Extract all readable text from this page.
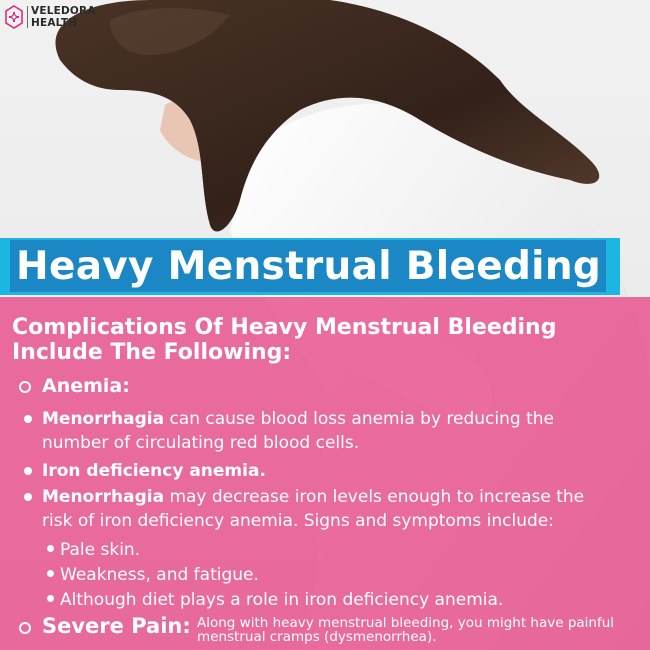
VELEDORA
HEALTH
Heavy Menstrual Bleeding
Complications Of Heavy Menstrual Bleeding
Include The Following:
Anemia:
Menorrhagia can cause blood loss anemia by reducing the
number of circulating red blood cells.
Iron deficiency anemia.
Menorrhagia may decrease iron levels enough to increase the
risk of iron deficiency anemia. Signs and symptoms include:
Pale skin.
Weakness, and fatigue.
Although diet plays a role in iron deficiency anemia.
Severe Pain: Along with heavy menstrual bleeding, you might have painful
menstrual cramps (dysmenorrhea).
